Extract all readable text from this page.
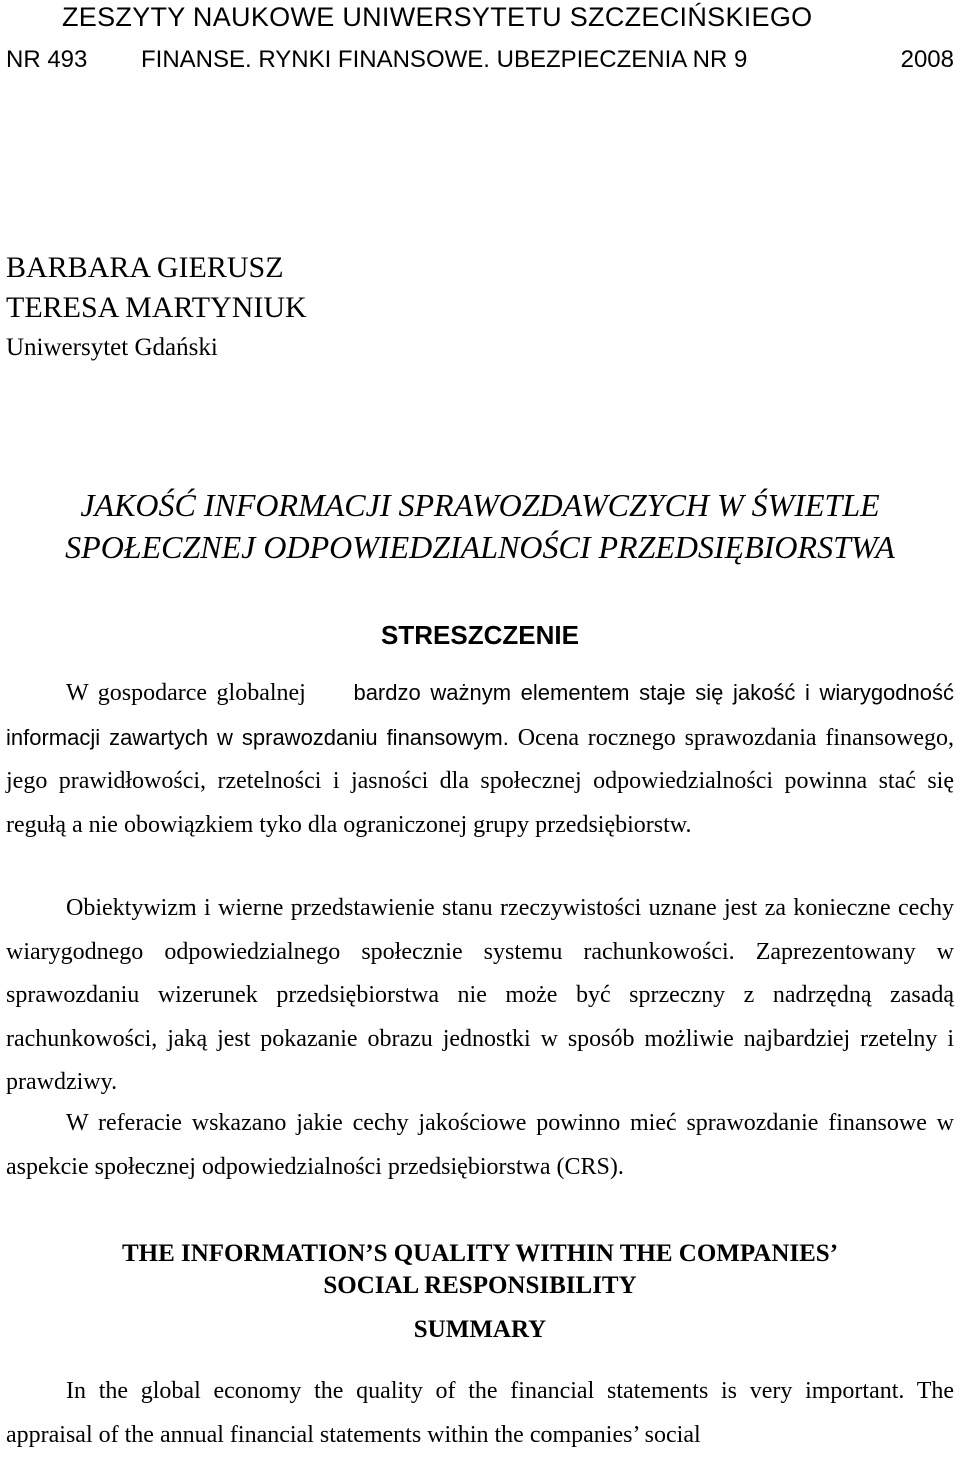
ZESZYTY NAUKOWE UNIWERSYTETU SZCZECIŃSKIEGO
NR 493 FINANSE. RYNKI FINANSOWE. UBEZPIECZENIA NR 9	2008
BARBARA GIERUSZ
TERESA MARTYNIUK
Uniwersytet Gdański
JAKOŚĆ INFORMACJI SPRAWOZDAWCZYCH W ŚWIETLE
SPOŁECZNEJ ODPOWIEDZIALNOŚCI PRZEDSIĘBIORSTWA
STRESZCZENIE
W gospodarce globalnej bardzo ważnym elementem staje się jakość i wiarygodność informacji zawartych w sprawozdaniu finansowym. Ocena rocznego sprawozdania finansowego, jego prawidłowości, rzetelności i jasności dla społecznej odpowiedzialności powinna stać się regułą a nie obowiązkiem tyko dla ograniczonej grupy przedsiębiorstw.
Obiektywizm i wierne przedstawienie stanu rzeczywistości uznane jest za konieczne cechy wiarygodnego odpowiedzialnego społecznie systemu rachunkowości. Zaprezentowany w sprawozdaniu wizerunek przedsiębiorstwa nie może być sprzeczny z nadrzędną zasadą rachunkowości, jaką jest pokazanie obrazu jednostki w sposób możliwie najbardziej rzetelny i prawdziwy.
W referacie wskazano jakie cechy jakościowe powinno mieć sprawozdanie finansowe w aspekcie społecznej odpowiedzialności przedsiębiorstwa (CRS).
THE INFORMATION’S QUALITY WITHIN THE COMPANIES’
SOCIAL RESPONSIBILITY
SUMMARY
In the global economy the quality of the financial statements is very important. The appraisal of the annual financial statements within the companies’ social
